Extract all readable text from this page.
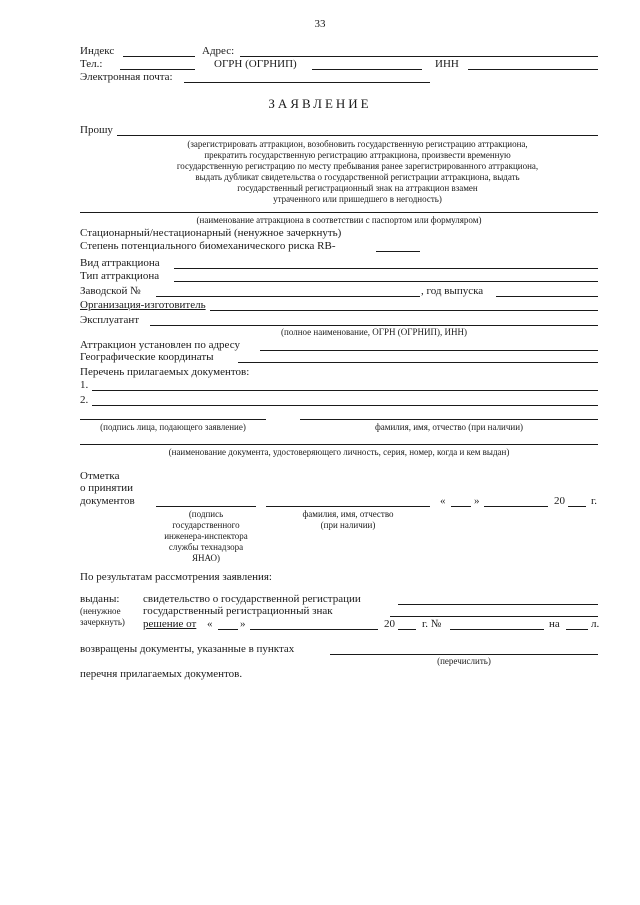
33
Индекс	Адрес:
Тел.:	ОГРН (ОГРНИП)	ИНН
Электронная почта:
ЗАЯВЛЕНИЕ
Прошу
(зарегистрировать аттракцион, возобновить государственную регистрацию аттракциона,
прекратить государственную регистрацию аттракциона, произвести временную
государственную регистрацию по месту пребывания ранее зарегистрированного аттракциона,
выдать дубликат свидетельства о государственной регистрации аттракциона, выдать
государственный регистрационный знак на аттракцион взамен
утраченного или пришедшего в негодность)
(наименование аттракциона в соответствии с паспортом или формуляром)
Стационарный/нестационарный (ненужное зачеркнуть)
Степень потенциального биомеханического риска RB-
Вид аттракциона
Тип аттракциона
Заводской №	, год выпуска
Организация-изготовитель
Эксплуатант
(полное наименование, ОГРН (ОГРНИП), ИНН)
Аттракцион установлен по адресу
Географические координаты
Перечень прилагаемых документов:
1.
2.
(подпись лица, подающего заявление)	фамилия, имя, отчество (при наличии)
(наименование документа, удостоверяющего личность, серия, номер, когда и кем выдан)
Отметка
о принятии
документов	«	»	20 г.
(подпись
государственного
инженера-инспектора
службы технадзора
ЯНАО)
фамилия, имя, отчество
(при наличии)
По результатам рассмотрения заявления:
выданы:
(ненужное
зачеркнуть)
свидетельство о государственной регистрации
государственный регистрационный знак
решение от «	»	20 г. №	на	л.
возвращены документы, указанные в пунктах
(перечислить)
перечня прилагаемых документов.
